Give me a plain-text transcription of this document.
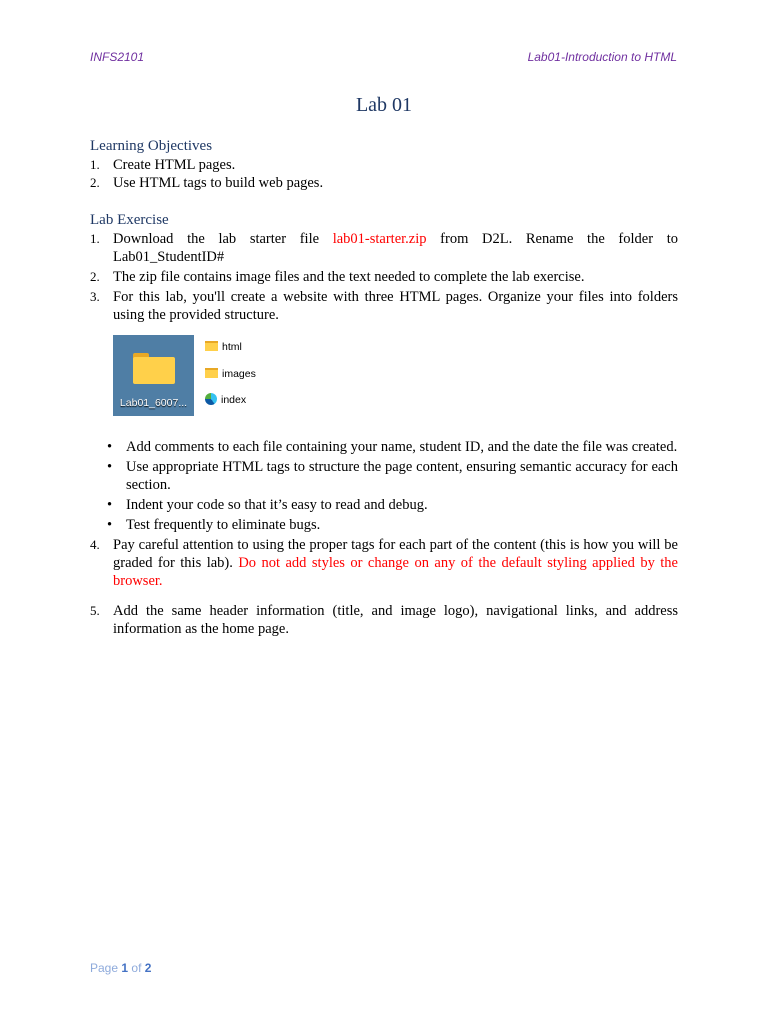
INFS2101	Lab01-Introduction to HTML
Lab 01
Learning Objectives
1. Create HTML pages.
2. Use HTML tags to build web pages.
Lab Exercise
1. Download the lab starter file lab01-starter.zip from D2L. Rename the folder to Lab01_StudentID#
2. The zip file contains image files and the text needed to complete the lab exercise.
3. For this lab, you'll create a website with three HTML pages. Organize your files into folders using the provided structure.
Lab01_6007...
html
images
index
• Add comments to each file containing your name, student ID, and the date the file was created.
• Use appropriate HTML tags to structure the page content, ensuring semantic accuracy for each section.
• Indent your code so that it’s easy to read and debug.
• Test frequently to eliminate bugs.
4. Pay careful attention to using the proper tags for each part of the content (this is how you will be graded for this lab). Do not add styles or change on any of the default styling applied by the browser.
5. Add the same header information (title, and image logo), navigational links, and address information as the home page.
Page 1 of 2
